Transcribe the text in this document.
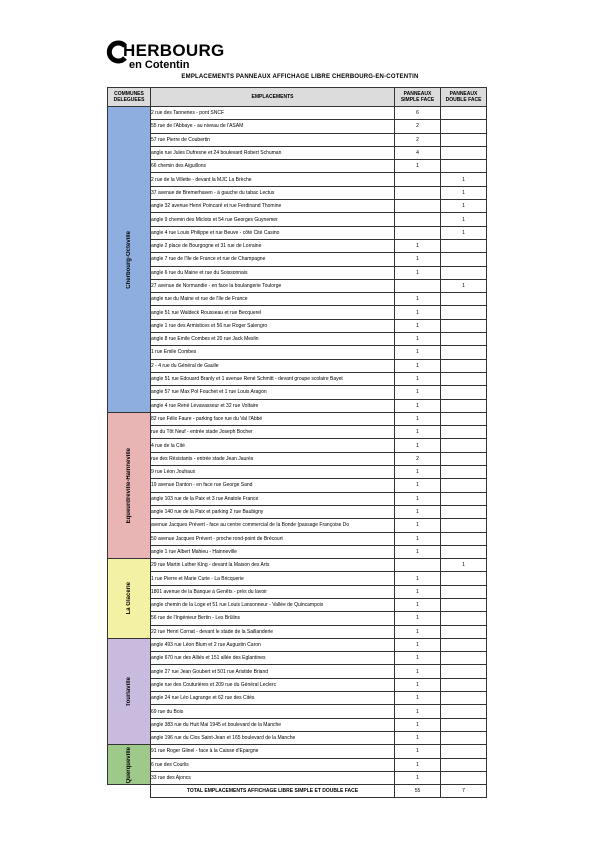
HERBOURG
en Cotentin
EMPLACEMENTS PANNEAUX AFFICHAGE LIBRE CHERBOURG-EN-COTENTIN
COMMUNES DELEGUEES	EMPLACEMENTS	PANNEAUX SIMPLE FACE	PANNEAUX DOUBLE FACE

Cherbourg-Octeville	2 rue des Tanneries - pont SNCF	6	
	55 rue de l'Abbaye - au niveau de l'ASAM	2	
	57 rue Pierre de Coubertin	2	
	angle rue Jules Dufresne et 24 boulevard Robert Schuman	4	
	66 chemin des Aiguillons	1	
	2 rue de la Villette - devant la MJC La Brèche		1
	37 avenue de Bremerhaven - à gauche du tabac Lectus		1
	angle 32 avenue Henri Poincaré et rue Ferdinand Thomine		1
	angle 9 chemin des Miclots et 54 rue Georges Guynemer		1
	angle 4 rue Louis Philippe et rue Beuve - côté Cité Casino		1
	angle 2 place de Bourgogne et 31 rue de Lorraine	1	
	angle 7 rue de l'Ile de France et rue de Champagne	1	
	angle 6 rue du Maine et rue du Soissonnais	1	
	27 avenue de Normandie - en face la boulangerie Toulorge		1
	angle rue du Maine et rue de l'Ile de France	1	
	angle 51 rue Waldeck Rousseau et rue Becquerel	1	
	angle 1 rue des Armistices et 56 rue Roger Salengro	1	
	angle 8 rue Emile Combes et 20 rue Jack Meslin	1	
	1 rue Emile Combes	1	
	2 - 4 rue du Général de Gaulle	1	
	angle 51 rue Edouard Branly et 1 avenue René Schmitt - devant groupe scolaire Bayet	1	
	angle 57 rue Max Pol Fouchet et 1 rue Louis Aragon	1	
	angle 4 rue René Levavasseur et 32 rue Voltaire	1	

Equeurdreville-Hainneville	82 rue Félix Faure - parking face rue du Val l'Abbé	1	
	rue du Tôt Neuf - entrée stade Joseph Bocher	1	
	4 rue de la Cité	1	
	rue des Résistants - entrée stade Jean Jaurès	2	
	9 rue Léon Jouhaux	1	
	19 avenue Danton - en face rue George Sand	1	
	angle 103 rue de la Paix et 3 rue Anatole France	1	
	angle 140 rue de la Paix et parking 2 rue Baubigny	1	
	avenue Jacques Prévert - face au centre commercial de la Bonde (passage Françoise Do	1	
	50 avenue Jacques Prévert - proche rond-point de Brécourt	1	
	angle 1 rue Albert Mahieu - Hainneville	1	

La Glacerie	29 rue Martin Luther KIng - devant la Maison des Arts		1
	1 rue Pierre et Marie Curie - La Bricquerie	1	
	1801 avenue de la Banque à Genêts - près du lavoir	1	
	angle chemin de la Loge et 51 rue Louis Lansonneur - Vallée de Quincampoix	1	
	56 rue de l'Ingénieur Bertin - Les Brûlins	1	
	22 rue Henri Cornat - devant le stade de la Saillanderie	1	

Tourlaville	angle 493 rue Léon Blum et 2 rue Augustin Caron	1	
	angle 670 rue des Alliés et 151 allée des Eglantines	1	
	angle 27 rue Jean Goubert et 501 rue Aristide Briand	1	
	angle rue des Couturières et 209 rue du Général Leclerc	1	
	angle 24 rue Léo Lagrange et 62 rue des Cités	1	
	69 rue du Bois	1	
	angle 383 rue du Huit Mai 1945 et boulevard de la Manche	1	
	angle 196 rue du Clos Saint-Jean et 165 boulevard de la Manche	1	

Querqueville	91 rue Roger Glinel - face à la Caisse d'Epargne	1	
	6 rue des Courlis	1	
	33 rue des Ajoncs	1	
	TOTAL EMPLACEMENTS AFFICHAGE LIBRE SIMPLE ET DOUBLE FACE	55	7
